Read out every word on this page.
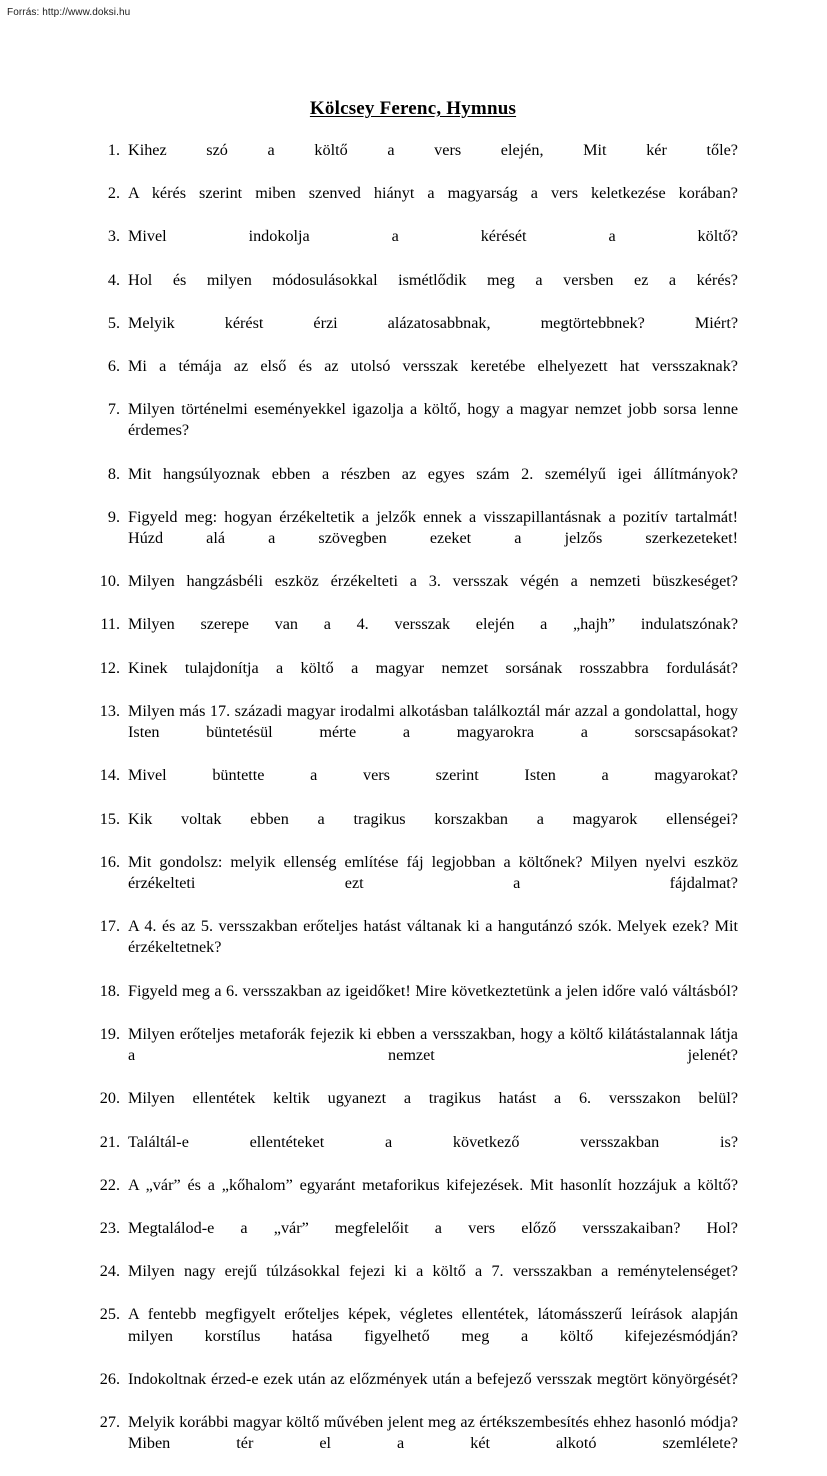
Forrás: http://www.doksi.hu
Kölcsey Ferenc, Hymnus
1. Kihez szó a költő a vers elején, Mit kér tőle?
2. A kérés szerint miben szenved hiányt a magyarság a vers keletkezése korában?
3. Mivel indokolja a kérését a költő?
4. Hol és milyen módosulásokkal ismétlődik meg a versben ez a kérés?
5. Melyik kérést érzi alázatosabbnak, megtörtebbnek? Miért?
6. Mi a témája az első és az utolsó versszak keretébe elhelyezett hat versszaknak?
7. Milyen történelmi eseményekkel igazolja a költő, hogy a magyar nemzet jobb sorsa lenne érdemes?
8. Mit hangsúlyoznak ebben a részben az egyes szám 2. személyű igei állítmányok?
9. Figyeld meg: hogyan érzékeltetik a jelzők ennek a visszapillantásnak a pozitív tartalmát! Húzd alá a szövegben ezeket a jelzős szerkezeteket!
10. Milyen hangzásbéli eszköz érzékelteti a 3. versszak végén a nemzeti büszkeséget?
11. Milyen szerepe van a 4. versszak elején a „hajh” indulatszónak?
12. Kinek tulajdonítja a költő a magyar nemzet sorsának rosszabbra fordulását?
13. Milyen más 17. századi magyar irodalmi alkotásban találkoztál már azzal a gondolattal, hogy Isten büntetésül mérte a magyarokra a sorscsapásokat?
14. Mivel büntette a vers szerint Isten a magyarokat?
15. Kik voltak ebben a tragikus korszakban a magyarok ellenségei?
16. Mit gondolsz: melyik ellenség említése fáj legjobban a költőnek? Milyen nyelvi eszköz érzékelteti ezt a fájdalmat?
17. A 4. és az 5. versszakban erőteljes hatást váltanak ki a hangutánzó szók. Melyek ezek? Mit érzékeltetnek?
18. Figyeld meg a 6. versszakban az igeidőket! Mire következtetünk a jelen időre való váltásból?
19. Milyen erőteljes metaforák fejezik ki ebben a versszakban, hogy a költő kilátástalannak látja a nemzet jelenét?
20. Milyen ellentétek keltik ugyanezt a tragikus hatást a 6. versszakon belül?
21. Találtál-e ellentéteket a következő versszakban is?
22. A „vár” és a „kőhalom” egyaránt metaforikus kifejezések. Mit hasonlít hozzájuk a költő?
23. Megtalálod-e a „vár” megfelelőit a vers előző versszakaiban? Hol?
24. Milyen nagy erejű túlzásokkal fejezi ki a költő a 7. versszakban a reménytelenséget?
25. A fentebb megfigyelt erőteljes képek, végletes ellentétek, látomásszerű leírások alapján milyen korstílus hatása figyelhető meg a költő kifejezésmódján?
26. Indokoltnak érzed-e ezek után az előzmények után a befejező versszak megtört könyörgését?
27. Melyik korábbi magyar költő művében jelent meg az értékszembesítés ehhez hasonló módja? Miben tér el a két alkotó szemlélete?
